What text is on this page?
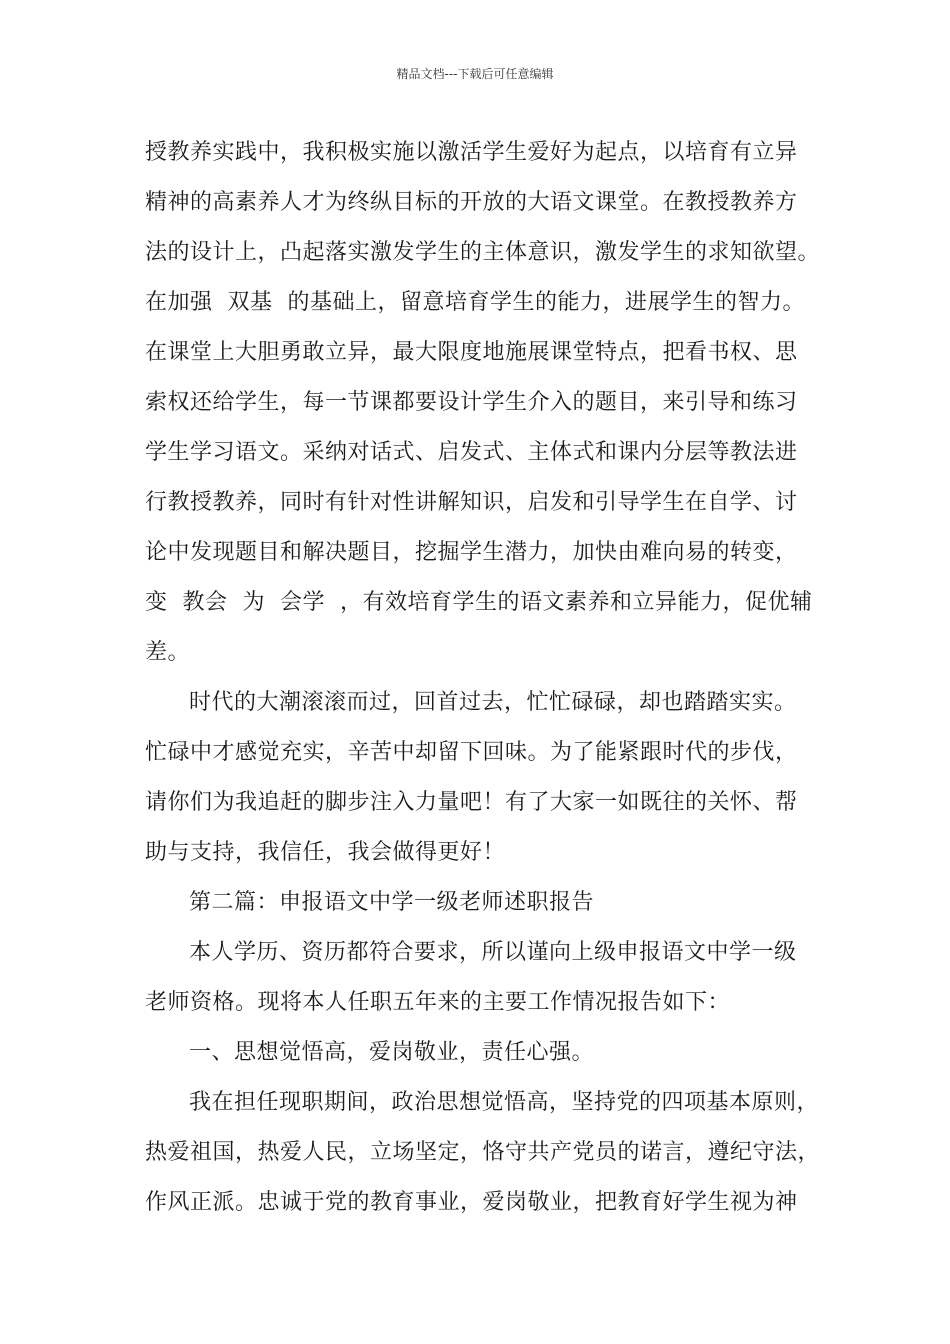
精品文档---下载后可任意编辑
授教养实践中，我积极实施以激活学生爱好为起点，以培育有立异
精神的高素养人才为终纵目标的开放的大语文课堂。在教授教养方
法的设计上，凸起落实激发学生的主体意识，激发学生的求知欲望。
在加强  双基  的基础上，留意培育学生的能力，进展学生的智力。
在课堂上大胆勇敢立异，最大限度地施展课堂特点，把看书权、思
索权还给学生，每一节课都要设计学生介入的题目，来引导和练习
学生学习语文。采纳对话式、启发式、主体式和课内分层等教法进
行教授教养，同时有针对性讲解知识，启发和引导学生在自学、讨
论中发现题目和解决题目，挖掘学生潜力，加快由难向易的转变，
变  教会  为  会学  ，有效培育学生的语文素养和立异能力，促优辅
差。
时代的大潮滚滚而过，回首过去，忙忙碌碌，却也踏踏实实。
忙碌中才感觉充实，辛苦中却留下回味。为了能紧跟时代的步伐，
请你们为我追赶的脚步注入力量吧！有了大家一如既往的关怀、帮
助与支持，我信任，我会做得更好！
第二篇：申报语文中学一级老师述职报告
本人学历、资历都符合要求，所以谨向上级申报语文中学一级
老师资格。现将本人任职五年来的主要工作情况报告如下：
一、思想觉悟高，爱岗敬业，责任心强。
我在担任现职期间，政治思想觉悟高，坚持党的四项基本原则，
热爱祖国，热爱人民，立场坚定，恪守共产党员的诺言，遵纪守法，
作风正派。忠诚于党的教育事业，爱岗敬业，把教育好学生视为神
